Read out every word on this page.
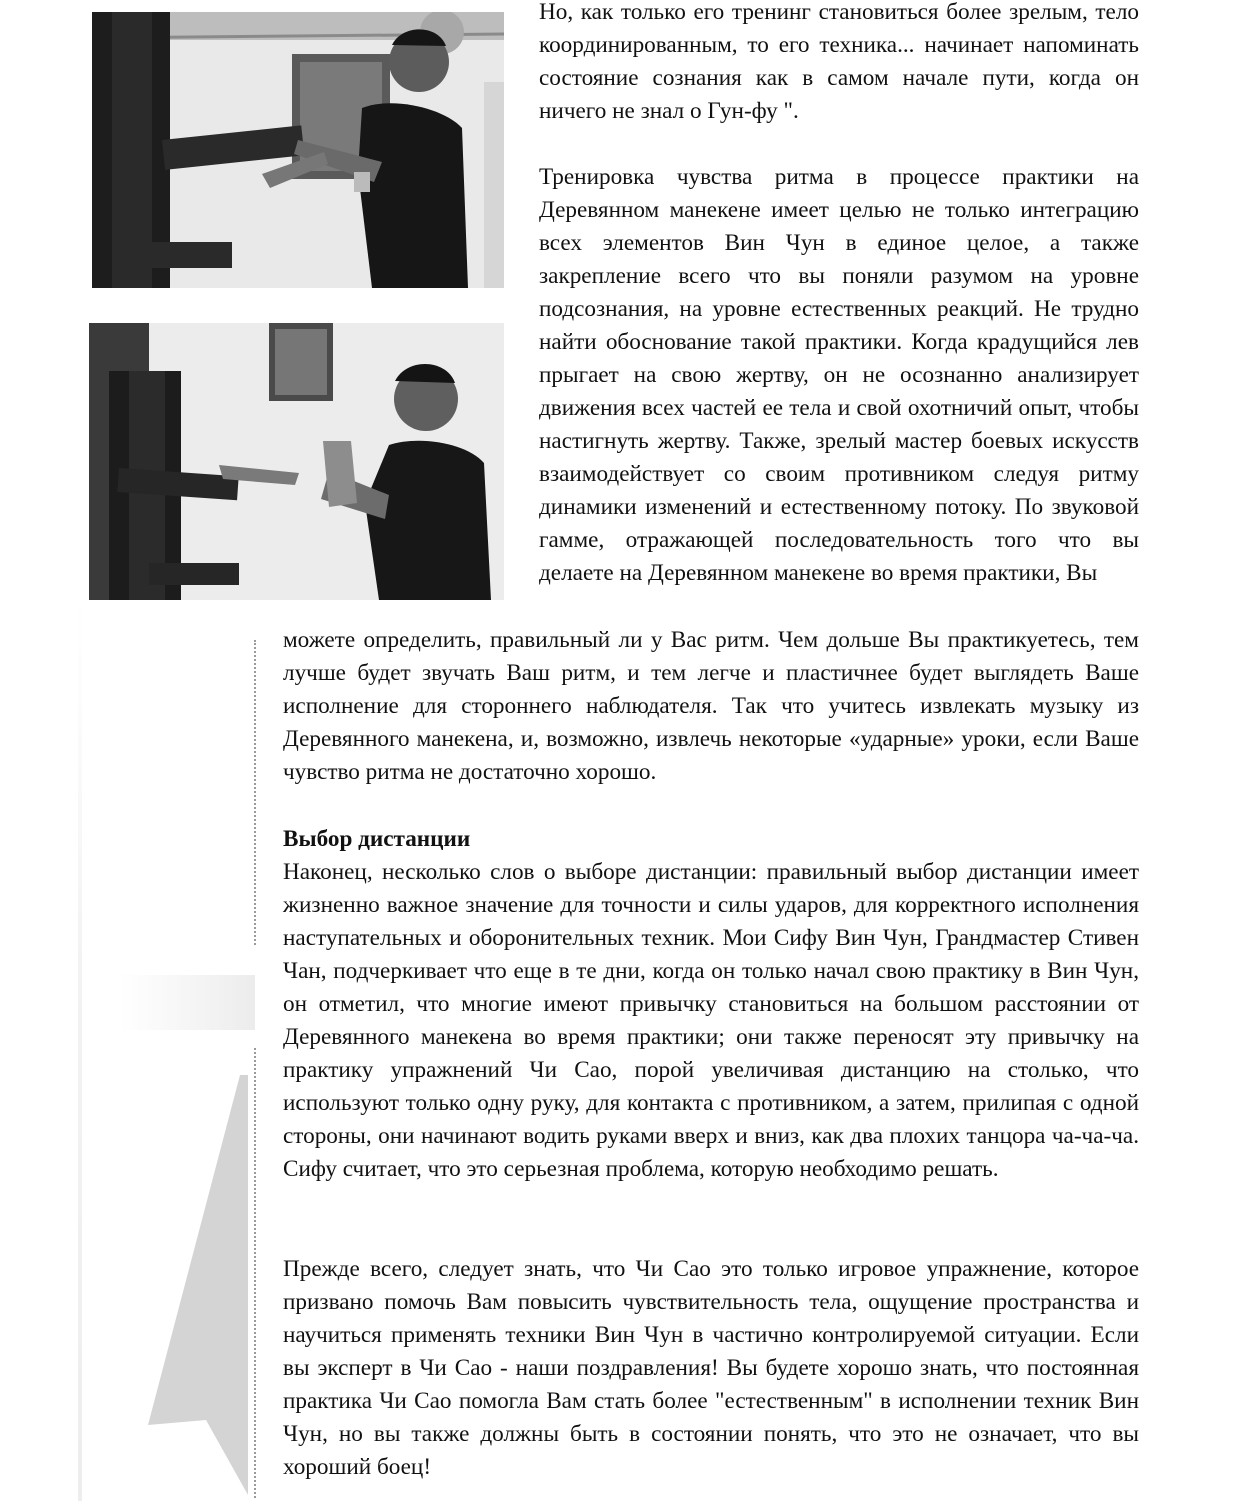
Но, как только его тренинг становиться более зрелым, тело координированным, то его техника... начинает напоминать состояние сознания как в самом начале пути, когда он ничего не знал о Гун-фу ".

Тренировка чувства ритма в процессе практики на Деревянном манекене имеет целью не только интеграцию всех элементов Вин Чун в единое целое, а также закрепление всего что вы поняли разумом на уровне подсознания, на уровне естественных реакций. Не трудно найти обоснование такой практики. Когда крадущийся лев прыгает на свою жертву, он не осознанно анализирует движения всех частей ее тела и свой охотничий опыт, чтобы настигнуть жертву. Также, зрелый мастер боевых искусств взаимодействует со своим противником следуя ритму динамики изменений и естественному потоку. По звуковой гамме, отражающей последовательность того что вы делаете на Деревянном манекене во время практики, Вы

можете определить, правильный ли у Вас ритм. Чем дольше Вы практикуетесь, тем лучше будет звучать Ваш ритм, и тем легче и пластичнее будет выглядеть Ваше исполнение для стороннего наблюдателя. Так что учитесь извлекать музыку из Деревянного манекена, и, возможно, извлечь некоторые «ударные» уроки, если Ваше чувство ритма не достаточно хорошо.

Выбор дистанции

Наконец, несколько слов о выборе дистанции: правильный выбор дистанции имеет жизненно важное значение для точности и силы ударов, для корректного исполнения наступательных и оборонительных техник. Мои Сифу Вин Чун, Грандмастер Стивен Чан, подчеркивает что еще в те дни, когда он только начал свою практику в Вин Чун, он отметил, что многие имеют привычку становиться на большом расстоянии от Деревянного манекена во время практики; они также переносят эту привычку на практику упражнений Чи Сао, порой увеличивая дистанцию на столько, что используют только одну руку, для контакта с противником, а затем, прилипая с одной стороны, они начинают водить руками вверх и вниз, как два плохих танцора ча-ча-ча. Сифу считает, что это серьезная проблема, которую необходимо решать.

Прежде всего, следует знать, что Чи Сао это только игровое упражнение, которое призвано помочь Вам повысить чувствительность тела, ощущение пространства и научиться применять техники Вин Чун в частично контролируемой ситуации. Если вы эксперт в Чи Сао - наши поздравления! Вы будете хорошо знать, что постоянная практика Чи Сао помогла Вам стать более "естественным" в исполнении техник Вин Чун, но вы также должны быть в состоянии понять, что это не означает, что вы хороший боец!
